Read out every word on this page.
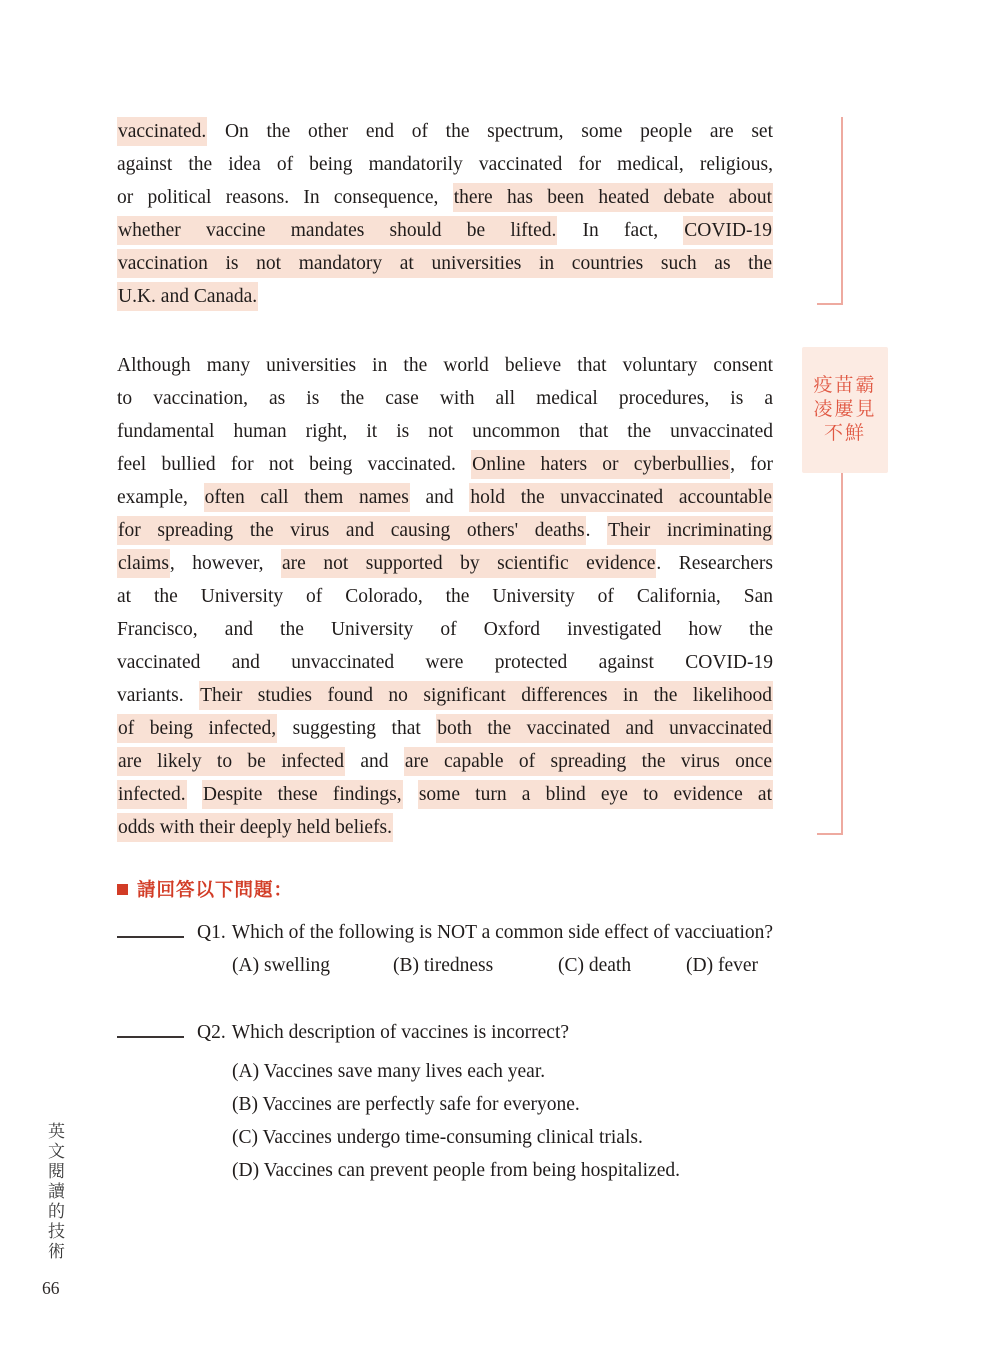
vaccinated. On the other end of the spectrum, some people are set
against the idea of being mandatorily vaccinated for medical, religious,
or political reasons. In consequence, there has been heated debate about
whether vaccine mandates should be lifted. In fact, COVID-19
vaccination is not mandatory at universities in countries such as the
U.K. and Canada.
Although many universities in the world believe that voluntary consent
to vaccination, as is the case with all medical procedures, is a
fundamental human right, it is not uncommon that the unvaccinated
feel bullied for not being vaccinated. Online haters or cyberbullies, for
example, often call them names and hold the unvaccinated accountable
for spreading the virus and causing others' deaths. Their incriminating
claims, however, are not supported by scientific evidence. Researchers
at the University of Colorado, the University of California, San
Francisco, and the University of Oxford investigated how the
vaccinated and unvaccinated were protected against COVID-19
variants. Their studies found no significant differences in the likelihood
of being infected, suggesting that both the vaccinated and unvaccinated
are likely to be infected and are capable of spreading the virus once
infected. Despite these findings, some turn a blind eye to evidence at
odds with their deeply held beliefs.
疫苗霸
凌屢見
不鮮
請回答以下問題：
Q1. Which of the following is NOT a common side effect of vacciuation?
(A) swelling	(B) tiredness	(C) death	(D) fever
Q2. Which description of vaccines is incorrect?
(A) Vaccines save many lives each year.
(B) Vaccines are perfectly safe for everyone.
(C) Vaccines undergo time-consuming clinical trials.
(D) Vaccines can prevent people from being hospitalized.
英文閱讀的技術
66
